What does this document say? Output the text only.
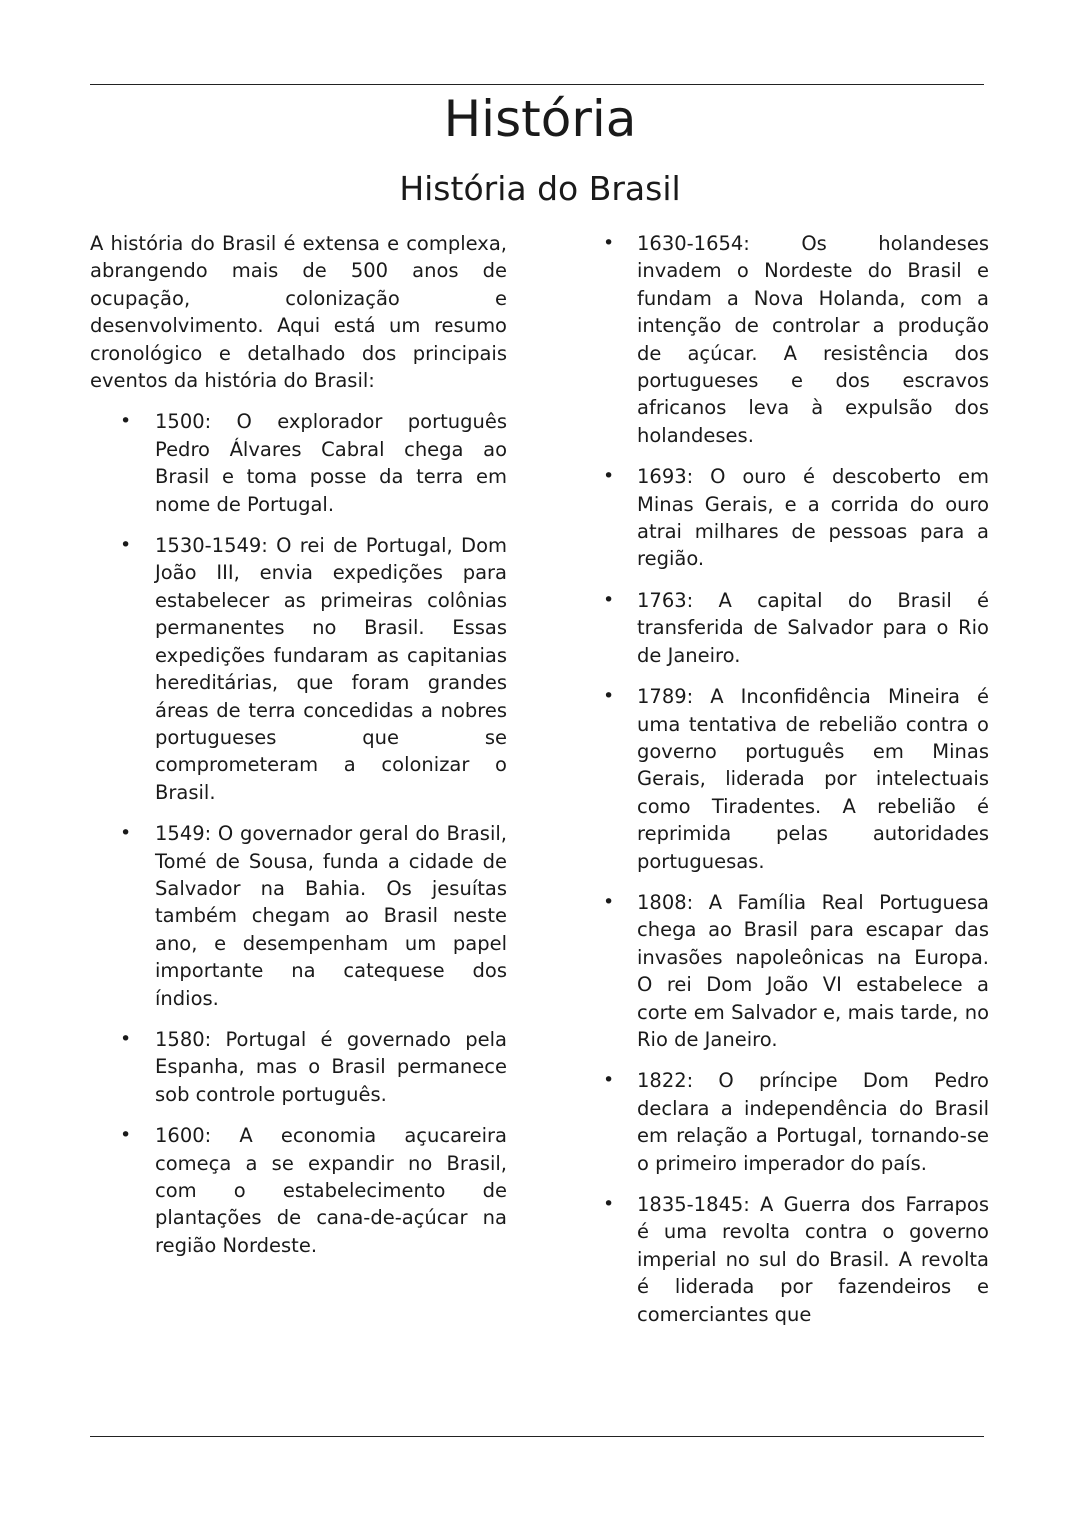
História
História do Brasil

A história do Brasil é extensa e complexa, abrangendo mais de 500 anos de ocupação, colonização e desenvolvimento. Aqui está um resumo cronológico e detalhado dos principais eventos da história do Brasil:

• 1500: O explorador português Pedro Álvares Cabral chega ao Brasil e toma posse da terra em nome de Portugal.
• 1530-1549: O rei de Portugal, Dom João III, envia expedições para estabelecer as primeiras colônias permanentes no Brasil. Essas expedições fundaram as capitanias hereditárias, que foram grandes áreas de terra concedidas a nobres portugueses que se comprometeram a colonizar o Brasil.
• 1549: O governador geral do Brasil, Tomé de Sousa, funda a cidade de Salvador na Bahia. Os jesuítas também chegam ao Brasil neste ano, e desempenham um papel importante na catequese dos índios.
• 1580: Portugal é governado pela Espanha, mas o Brasil permanece sob controle português.
• 1600: A economia açucareira começa a se expandir no Brasil, com o estabelecimento de plantações de cana-de-açúcar na região Nordeste.
• 1630-1654: Os holandeses invadem o Nordeste do Brasil e fundam a Nova Holanda, com a intenção de controlar a produção de açúcar. A resistência dos portugueses e dos escravos africanos leva à expulsão dos holandeses.
• 1693: O ouro é descoberto em Minas Gerais, e a corrida do ouro atrai milhares de pessoas para a região.
• 1763: A capital do Brasil é transferida de Salvador para o Rio de Janeiro.
• 1789: A Inconfidência Mineira é uma tentativa de rebelião contra o governo português em Minas Gerais, liderada por intelectuais como Tiradentes. A rebelião é reprimida pelas autoridades portuguesas.
• 1808: A Família Real Portuguesa chega ao Brasil para escapar das invasões napoleônicas na Europa. O rei Dom João VI estabelece a corte em Salvador e, mais tarde, no Rio de Janeiro.
• 1822: O príncipe Dom Pedro declara a independência do Brasil em relação a Portugal, tornando-se o primeiro imperador do país.
• 1835-1845: A Guerra dos Farrapos é uma revolta contra o governo imperial no sul do Brasil. A revolta é liderada por fazendeiros e comerciantes que
